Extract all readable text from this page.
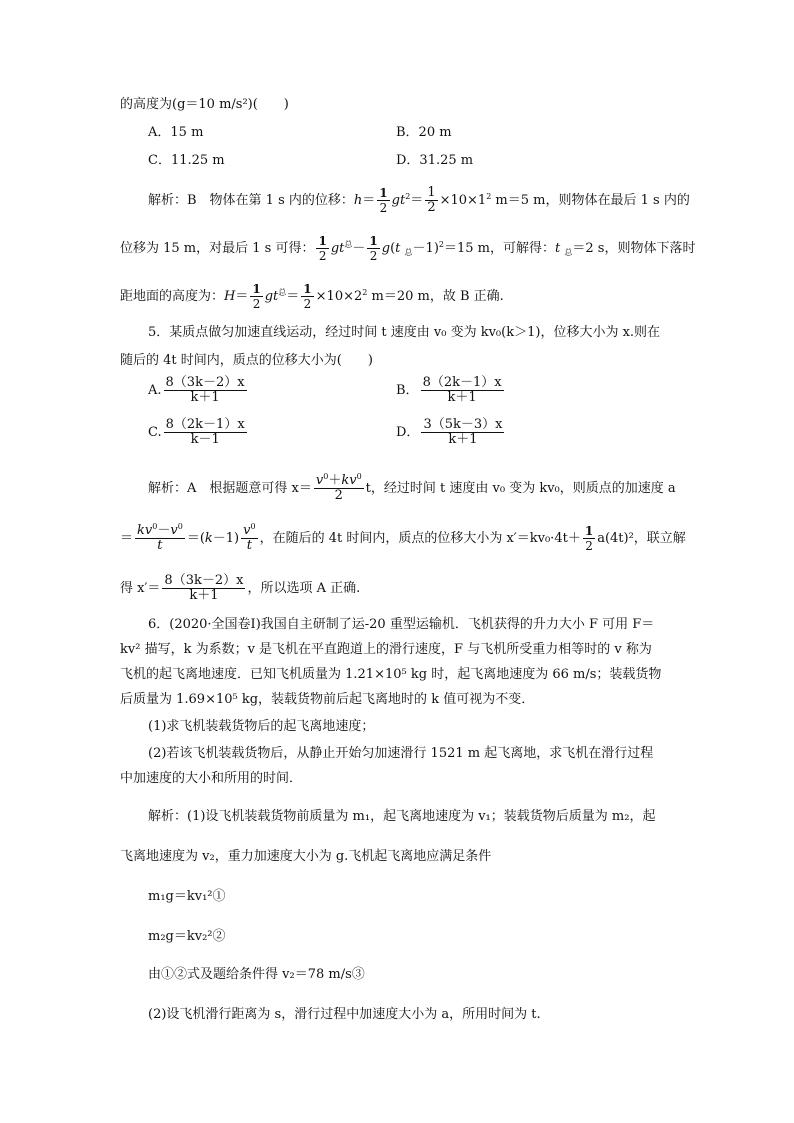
的高度为(g＝10 m/s²)(　　)
A．15 m	B．20 m
C．11.25 m	D．31.25 m
解析：B　物体在第 1 s 内的位移：$h= \frac{1}{2} gt^2= \frac{1}{2} \times 10\times 1^2$ m＝5 m，则物体在最后 1 s 内的
位移为 15 m，对最后 1 s 可得： $\frac{1}{2} gt^总- \frac{1}{2} g(t$ $_总$－1)$^2$＝15 m，可解得：t $_总$＝2 s，则物体下落时
距地面的高度为：$H= \frac{1}{2} gt^总= \frac{1}{2} \times 10\times 2^2$ m＝20 m，故 B 正确.
5．某质点做匀加速直线运动，经过时间 t 速度由 v₀ 变为 kv₀(k＞1)，位移大小为 x.则在
随后的 4t 时间内，质点的位移大小为(　　)
A. $\frac{8(3k-2)x}{k+1}$	B． $\frac{8(2k-1)x}{k+1}$
C. $\frac{8(2k-1)x}{k-1}$	D． $\frac{3(5k-3)x}{k+1}$
解析：A　根据题意可得 $x= \frac{v^0+kv^0}{2}$ t，经过时间 t 速度由 v₀ 变为 kv₀，则质点的加速度 a
＝ $\frac{kv^0-v^0}{t} =(k-1) \frac{v^0}{t}$ ，在随后的 4t 时间内，质点的位移大小为 $x'=kv_0\cdot 4t+ \frac{1}{2} a(4t)^2$，联立解
得 $x'= \frac{8(3k-2)x}{k+1}$ ，所以选项 A 正确.
6．(2020·全国卷Ⅰ)我国自主研制了运-20 重型运输机．飞机获得的升力大小 F 可用 F＝
kv² 描写，k 为系数；v 是飞机在平直跑道上的滑行速度，F 与飞机所受重力相等时的 v 称为
飞机的起飞离地速度．已知飞机质量为 1.21×10⁵ kg 时，起飞离地速度为 66 m/s；装载货物
后质量为 1.69×10⁵ kg，装载货物前后起飞离地时的 k 值可视为不变．
(1)求飞机装载货物后的起飞离地速度；
(2)若该飞机装载货物后，从静止开始匀加速滑行 1521 m 起飞离地，求飞机在滑行过程
中加速度的大小和所用的时间．
解析：(1)设飞机装载货物前质量为 m₁，起飞离地速度为 v₁；装载货物后质量为 m₂，起
飞离地速度为 v₂，重力加速度大小为 g.飞机起飞离地应满足条件
m₁g＝kv₁²①
m₂g＝kv₂²②
由①②式及题给条件得 v₂＝78 m/s③
(2)设飞机滑行距离为 s，滑行过程中加速度大小为 a，所用时间为 t.
